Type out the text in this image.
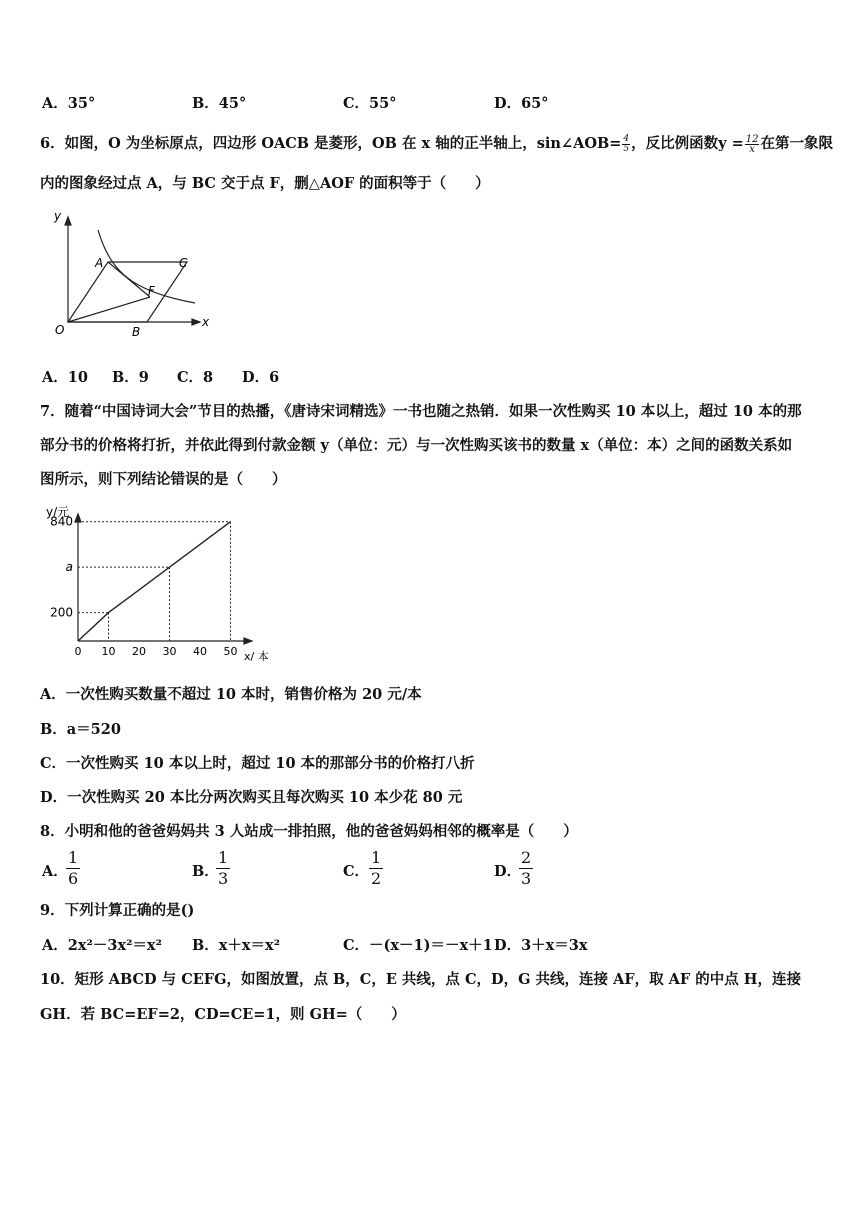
A．35°	B．45°	C．55°	D．65°
6．如图，O 为坐标原点，四边形 OACB 是菱形，OB 在 x 轴的正半轴上，sin∠AOB= $\frac{4}{5}$ ，反比例函数$y = \frac{12}{x}$ 在第一象限
内的图象经过点 A，与 BC 交于点 F，删△AOF 的面积等于（　　）
y
x
O
A
B
C
F
A．10 B．9 C．8 D．6
7．随着“中国诗词大会”节目的热播，《唐诗宋词精选》一书也随之热销．如果一次性购买 10 本以上，超过 10 本的那
部分书的价格将打折，并依此得到付款金额 y（单位：元）与一次性购买该书的数量 x（单位：本）之间的函数关系如
图所示，则下列结论错误的是（　　）
0 10 20 30 40 50
200
a
840
y/元
x/ 本
A．一次性购买数量不超过 10 本时，销售价格为 20 元/本
B．a＝520
C．一次性购买 10 本以上时，超过 10 本的那部分书的价格打八折
D．一次性购买 20 本比分两次购买且每次购买 10 本少花 80 元
8．小明和他的爸爸妈妈共 3 人站成一排拍照，他的爸爸妈妈相邻的概率是（　　）
A．
1
6	B．
1
3	C．
1
2	D．
2
3
9．下列计算正确的是()
A．2x²－3x²＝x² B．x＋x＝x²	C．－(x－1)＝－x＋1 D．3＋x＝3x
10．矩形 ABCD 与 CEFG，如图放置，点 B，C，E 共线，点 C，D，G 共线，连接 AF，取 AF 的中点 H，连接
GH．若 BC=EF=2，CD=CE=1，则 GH=（　　）
